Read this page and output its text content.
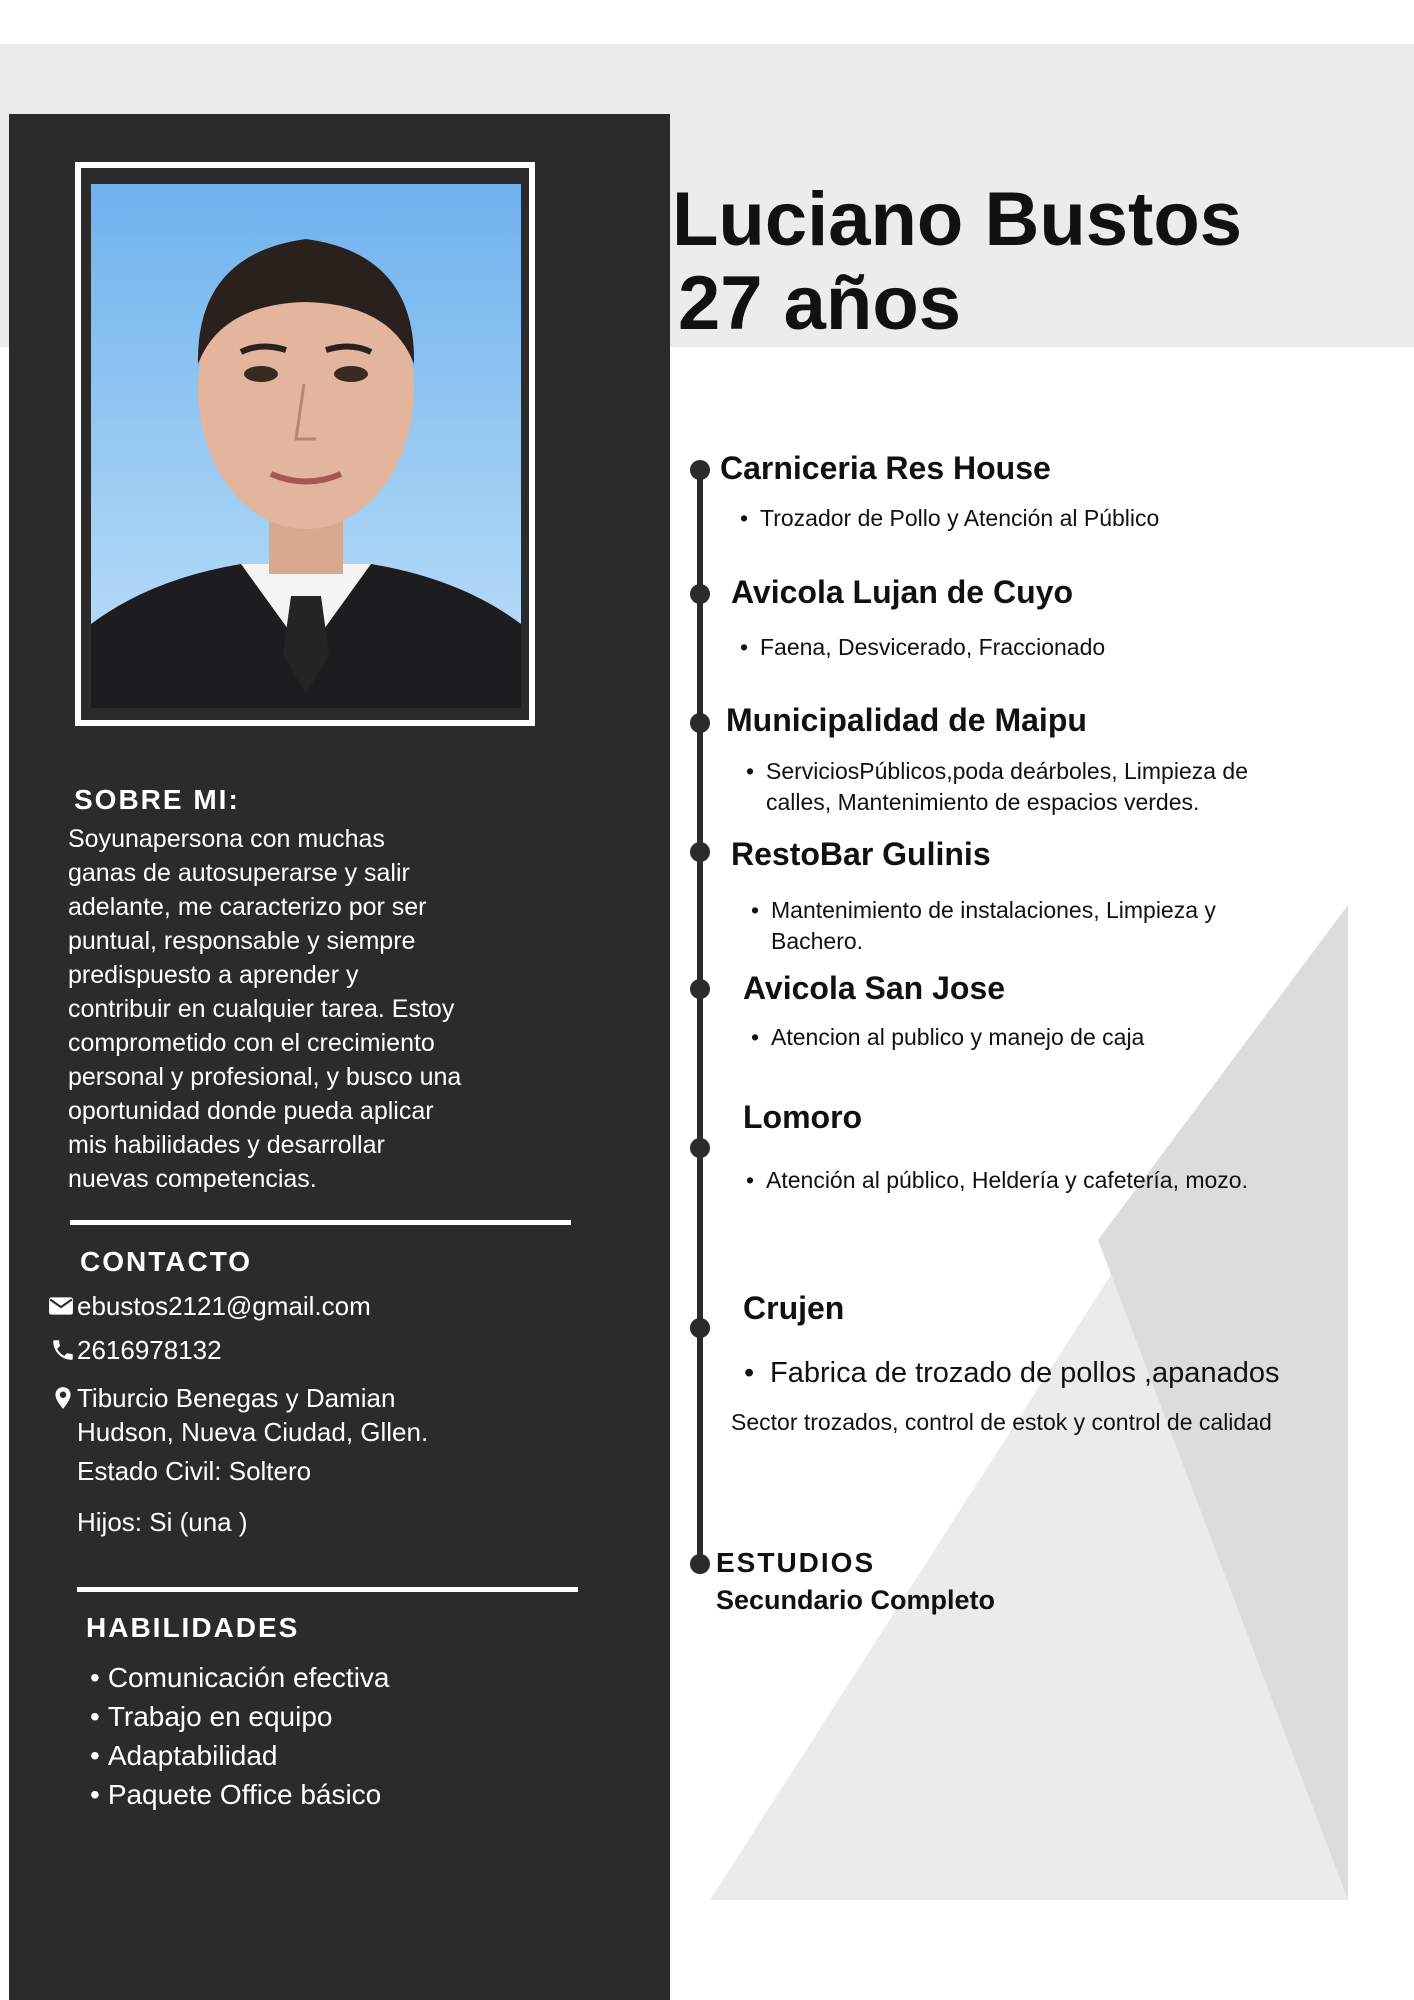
SOBRE MI:
Soyunapersona con muchas
ganas de autosuperarse y salir
adelante, me caracterizo por ser
puntual, responsable y siempre
predispuesto a aprender y
contribuir en cualquier tarea. Estoy
comprometido con el crecimiento
personal y profesional, y busco una
oportunidad donde pueda aplicar
mis habilidades y desarrollar
nuevas competencias.
CONTACTO
ebustos2121@gmail.com
2616978132
Tiburcio Benegas y Damian
Hudson, Nueva Ciudad, Gllen.
Estado Civil: Soltero
Hijos: Si (una )
HABILIDADES
• Comunicación efectiva
• Trabajo en equipo
• Adaptabilidad
• Paquete Office básico
Luciano Bustos
27 años
Carniceria Res House

• Trozador de Pollo y Atención al Público

Avicola Lujan de Cuyo

• Faena, Desvicerado, Fraccionado

Municipalidad de Maipu
• ServiciosPúblicos,poda deárboles, Limpieza de
calles, Mantenimiento de espacios verdes.
RestoBar Gulinis
• Mantenimiento de instalaciones, Limpieza y
Bachero.
Avicola San Jose

• Atencion al publico y manejo de caja

Lomoro

• Atención al público, Heldería y cafetería, mozo.

Crujen

• Fabrica de trozado de pollos ,apanados

Sector trozados, control de estok y control de calidad

ESTUDIOS

Secundario Completo
